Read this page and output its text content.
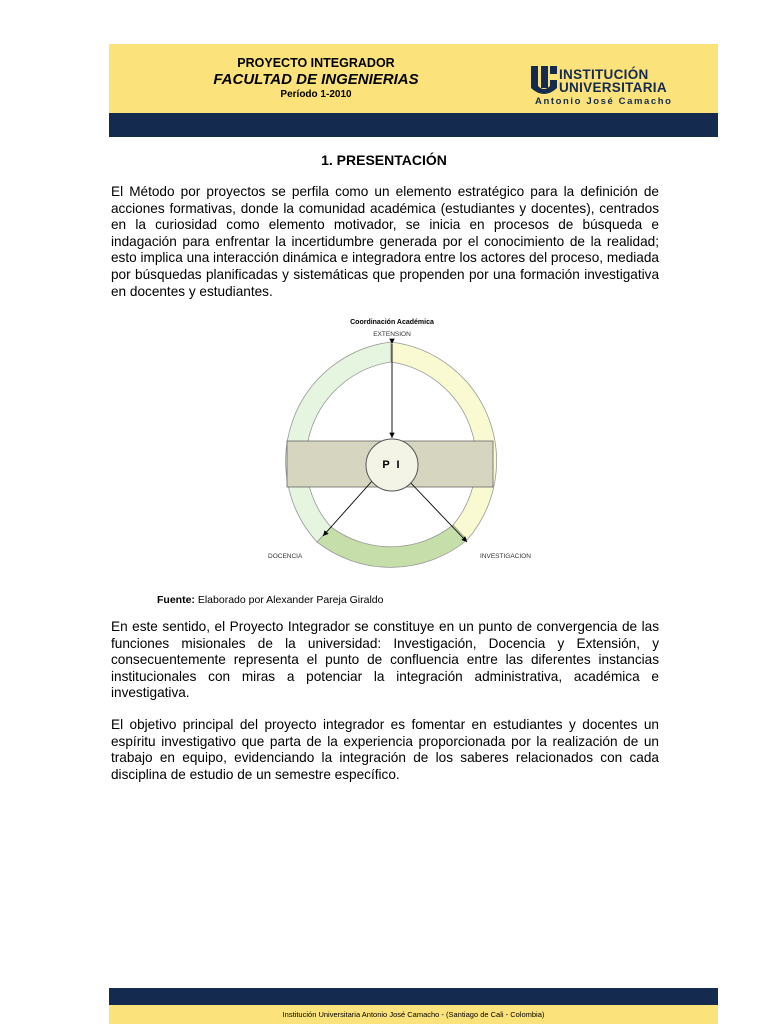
PROYECTO INTEGRADOR
FACULTAD DE INGENIERIAS
Período 1-2010
INSTITUCIÓN
UNIVERSITARIA
Antonio José Camacho
1. PRESENTACIÓN

El Método por proyectos se perfila como un elemento estratégico para la definición de acciones formativas, donde la comunidad académica (estudiantes y docentes), centrados en la curiosidad como elemento motivador, se inicia en procesos de búsqueda e indagación para enfrentar la incertidumbre generada por el conocimiento de la realidad; esto implica una interacción dinámica e integradora entre los actores del proceso, mediada por búsquedas planificadas y sistemáticas que propenden por una formación investigativa en docentes y estudiantes.

P I
Coordinación Académica
EXTENSION
DOCENCIA	INVESTIGACION
Fuente: Elaborado por Alexander Pareja Giraldo

En este sentido, el Proyecto Integrador se constituye en un punto de convergencia de las funciones misionales de la universidad: Investigación, Docencia y Extensión, y consecuentemente representa el punto de confluencia entre las diferentes instancias institucionales con miras a potenciar la integración administrativa, académica e investigativa.

El objetivo principal del proyecto integrador es fomentar en estudiantes y docentes un espíritu investigativo que parta de la experiencia proporcionada por la realización de un trabajo en equipo, evidenciando la integración de los saberes relacionados con cada disciplina de estudio de un semestre específico.

Institución Universitaria Antonio José Camacho - (Santiago de Cali - Colombia)
